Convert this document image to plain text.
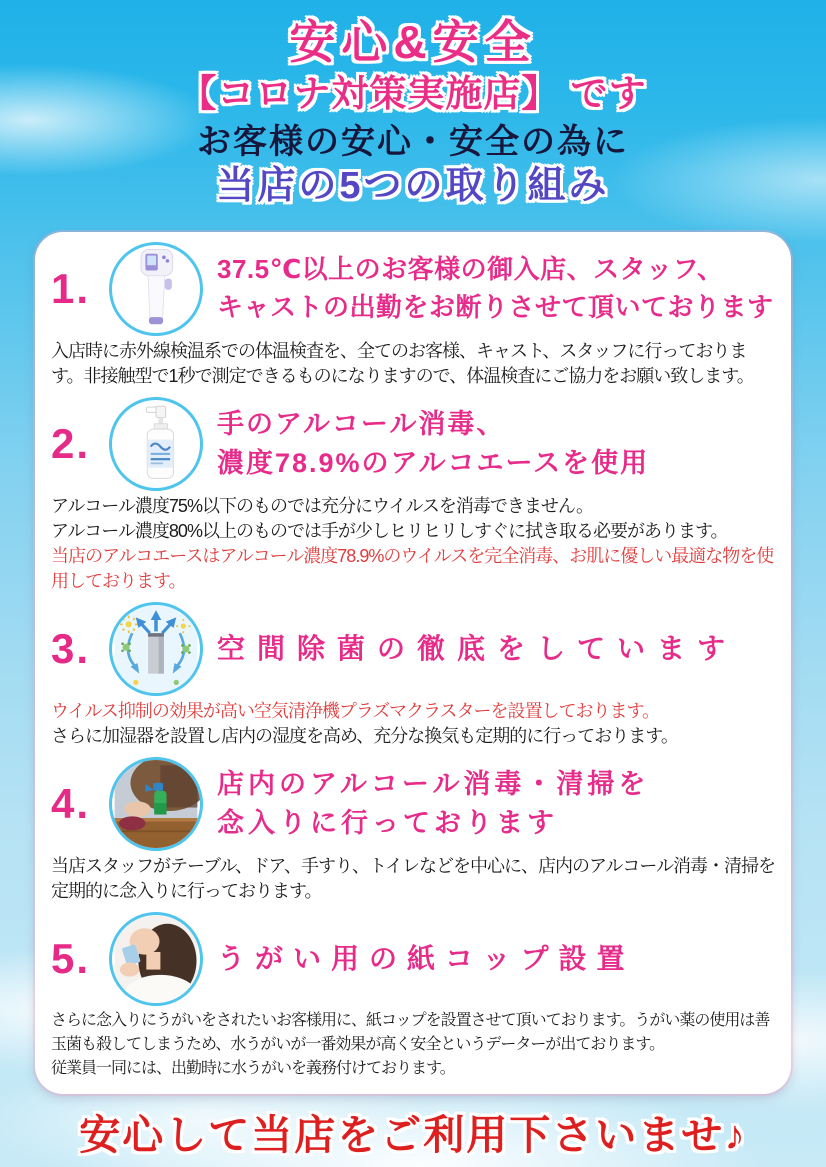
安心&安全
【コロナ対策実施店】 です
お客様の安心・安全の為に
当店の5つの取り組み
1.	37.5℃以上のお客様の御入店、スタッフ、
キャストの出勤をお断りさせて頂いております

入店時に赤外線検温系での体温検査を、全てのお客様、キャスト、スタッフに行っております。非接触型で1秒で測定できるものになりますので、体温検査にご協力をお願い致します。

2.	手のアルコール消毒、
濃度78.9%のアルコエースを使用

アルコール濃度75%以下のものでは充分にウイルスを消毒できません。

アルコール濃度80%以上のものでは手が少しヒリヒリしすぐに拭き取る必要があります。

当店のアルコエースはアルコール濃度78.9%のウイルスを完全消毒、お肌に優しい最適な物を使用しております。

3.	空間除菌の徹底をしています

ウイルス抑制の効果が高い空気清浄機プラズマクラスターを設置しております。

さらに加湿器を設置し店内の湿度を高め、充分な換気も定期的に行っております。

4.	店内のアルコール消毒・清掃を
念入りに行っております

当店スタッフがテーブル、ドア、手すり、トイレなどを中心に、店内のアルコール消毒・清掃を定期的に念入りに行っております。

5.	うがい用の紙コップ設置

さらに念入りにうがいをされたいお客様用に、紙コップを設置させて頂いております。うがい薬の使用は善玉菌も殺してしまうため、水うがいが一番効果が高く安全というデーターが出ております。

従業員一同には、出勤時に水うがいを義務付けております。

安心して当店をご利用下さいませ♪
